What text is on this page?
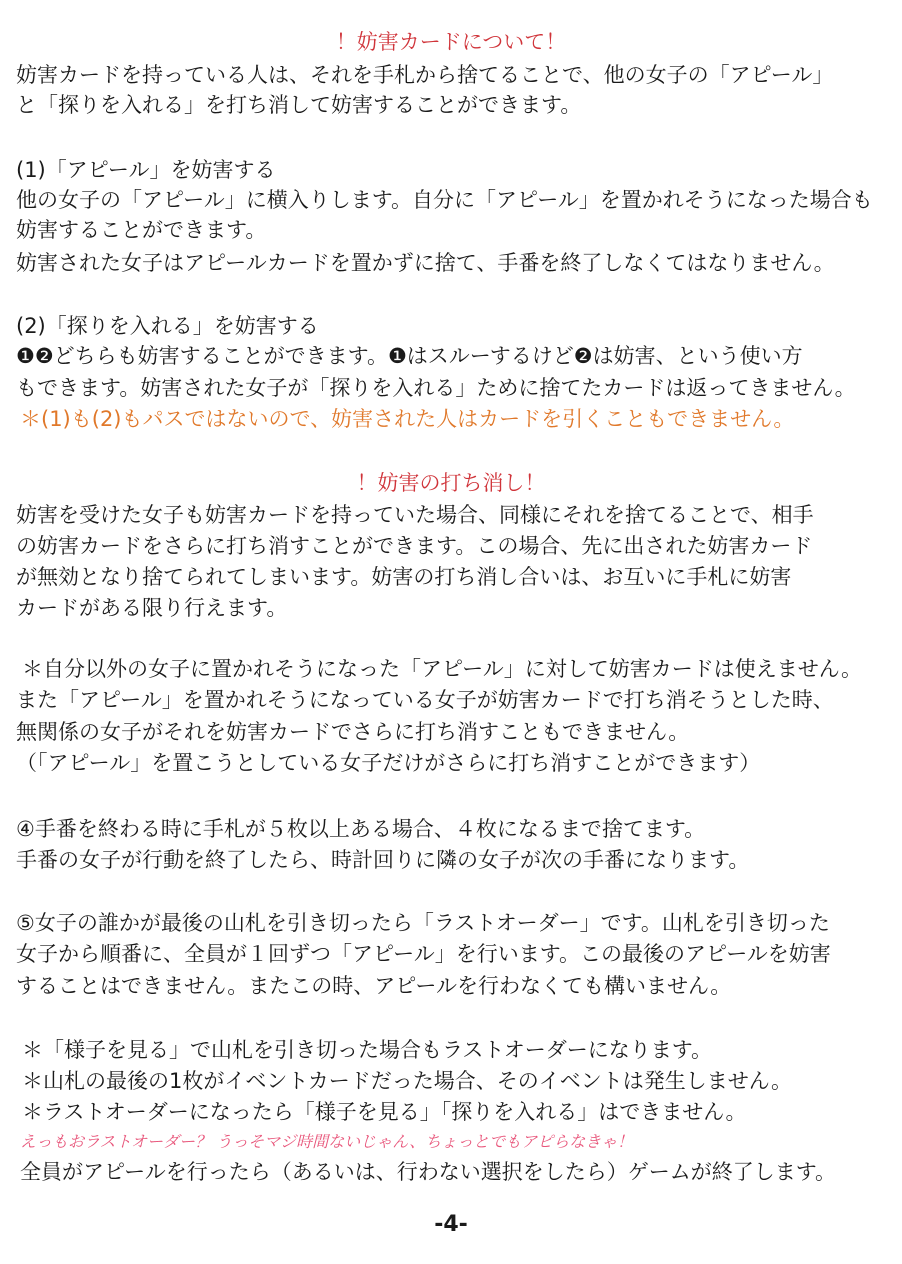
！妨害カードについて！
妨害カードを持っている人は、それを手札から捨てることで、他の女子の「アピール」
と「探りを入れる」を打ち消して妨害することができます。
(1)「アピール」を妨害する
他の女子の「アピール」に横入りします。自分に「アピール」を置かれそうになった場合も
妨害することができます。
妨害された女子はアピールカードを置かずに捨て、手番を終了しなくてはなりません。
(2)「探りを入れる」を妨害する
❶❷どちらも妨害することができます。❶はスルーするけど❷は妨害、という使い方
もできます。妨害された女子が「探りを入れる」ために捨てたカードは返ってきません。
＊(1)も(2)もパスではないので、妨害された人はカードを引くこともできません。
！妨害の打ち消し！
妨害を受けた女子も妨害カードを持っていた場合、同様にそれを捨てることで、相手
の妨害カードをさらに打ち消すことができます。この場合、先に出された妨害カード
が無効となり捨てられてしまいます。妨害の打ち消し合いは、お互いに手札に妨害
カードがある限り行えます。
＊自分以外の女子に置かれそうになった「アピール」に対して妨害カードは使えません。
また「アピール」を置かれそうになっている女子が妨害カードで打ち消そうとした時、
無関係の女子がそれを妨害カードでさらに打ち消すこともできません。
（「アピール」を置こうとしている女子だけがさらに打ち消すことができます）
④手番を終わる時に手札が５枚以上ある場合、４枚になるまで捨てます。
手番の女子が行動を終了したら、時計回りに隣の女子が次の手番になります。
⑤女子の誰かが最後の山札を引き切ったら「ラストオーダー」です。山札を引き切った
女子から順番に、全員が１回ずつ「アピール」を行います。この最後のアピールを妨害
することはできません。またこの時、アピールを行わなくても構いません。
＊「様子を見る」で山札を引き切った場合もラストオーダーになります。
＊山札の最後の1枚がイベントカードだった場合、そのイベントは発生しません。
＊ラストオーダーになったら「様子を見る」「探りを入れる」はできません。
えっもおラストオーダー？ うっそマジ時間ないじゃん、ちょっとでもアピらなきゃ！
全員がアピールを行ったら（あるいは、行わない選択をしたら）ゲームが終了します。
-4-
